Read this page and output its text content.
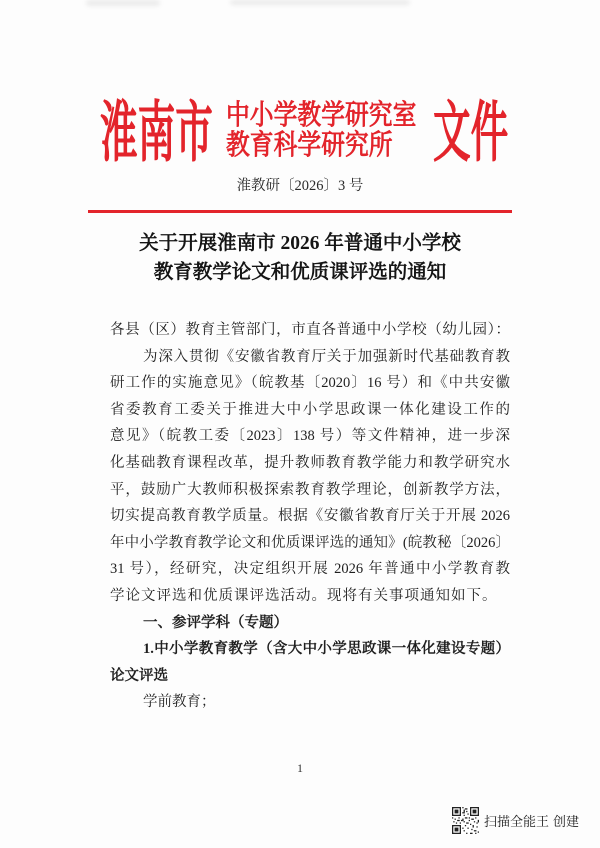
淮南市 中小学教学研究室
教育科学研究所 文件
淮教研〔2026〕3 号
关于开展淮南市 2026 年普通中小学校
教育教学论文和优质课评选的通知
各县（区）教育主管部门，市直各普通中小学校（幼儿园）：
为深入贯彻《安徽省教育厅关于加强新时代基础教育教
研工作的实施意见》（皖教基〔2020〕16 号）和《中共安徽
省委教育工委关于推进大中小学思政课一体化建设工作的
意见》（皖教工委〔2023〕138 号）等文件精神，进一步深
化基础教育课程改革，提升教师教育教学能力和教学研究水
平，鼓励广大教师积极探索教育教学理论，创新教学方法，
切实提高教育教学质量。根据《安徽省教育厅关于开展 2026
年中小学教育教学论文和优质课评选的通知》(皖教秘〔2026〕
31 号），经研究，决定组织开展 2026 年普通中小学教育教
学论文评选和优质课评选活动。现将有关事项通知如下。
一、参评学科（专题）
1.中小学教育教学（含大中小学思政课一体化建设专题）
论文评选
学前教育；
1
扫描全能王 创建
